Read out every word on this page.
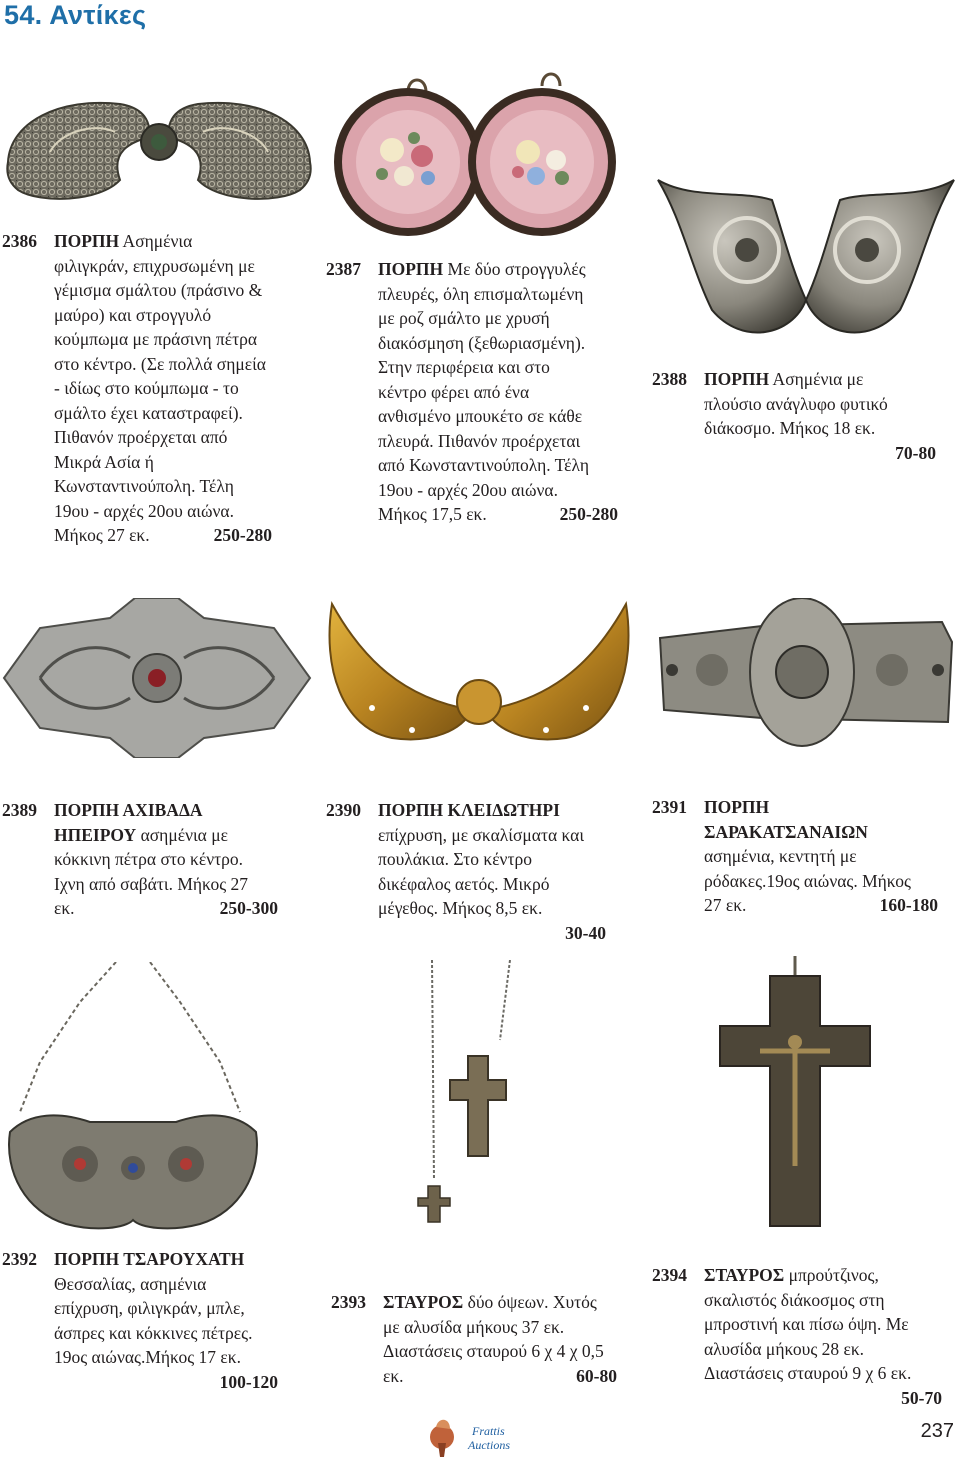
54. Αντίκες
2386 ΠΟΡΠΗ Ασημένια
φιλιγκράν, επιχρυσωμένη με
γέμισμα σμάλτου (πράσινο &
μαύρο) και στρογγυλό
κούμπωμα με πράσινη πέτρα
στο κέντρο. (Σε πολλά σημεία
- ιδίως στο κούμπωμα - το
σμάλτο έχει καταστραφεί).
Πιθανόν προέρχεται από
Μικρά Ασία ή
Κωνσταντινούπολη. Τέλη
19ου - αρχές 20ου αιώνα.
Μήκος 27 εκ.	250-280
2387 ΠΟΡΠΗ Με δύο στρογγυλές
πλευρές, όλη επισμαλτωμένη
με ροζ σμάλτο με χρυσή
διακόσμηση (ξεθωριασμένη).
Στην περιφέρεια και στο
κέντρο φέρει από ένα
ανθισμένο μπουκέτο σε κάθε
πλευρά. Πιθανόν προέρχεται
από Κωνσταντινούπολη. Τέλη
19ου - αρχές 20ου αιώνα.
Μήκος 17,5 εκ.	250-280
2388 ΠΟΡΠΗ Ασημένια με
πλούσιο ανάγλυφο φυτικό
διάκοσμο. Μήκος 18 εκ.
70-80
2389 ΠΟΡΠΗ ΑΧΙΒΑΔΑ
ΗΠΕΙΡΟΥ ασημένια με
κόκκινη πέτρα στο κέντρο.
Ιχνη από σαβάτι. Μήκος 27
εκ.	250-300
2390 ΠΟΡΠΗ ΚΛΕΙΔΩΤΗΡΙ
επίχρυση, με σκαλίσματα και
πουλάκια. Στο κέντρο
δικέφαλος αετός. Μικρό
μέγεθος. Μήκος 8,5 εκ.
30-40
2391 ΠΟΡΠΗ
ΣΑΡΑΚΑΤΣΑΝΑΙΩΝ
ασημένια, κεντητή με
ρόδακες.19ος αιώνας. Μήκος
27 εκ.	160-180
2392 ΠΟΡΠΗ ΤΣΑΡΟΥΧΑΤΗ
Θεσσαλίας, ασημένια
επίχρυση, φιλιγκράν, μπλε,
άσπρες και κόκκινες πέτρες.
19ος αιώνας.Μήκος 17 εκ.
100-120
2393 ΣΤΑΥΡΟΣ δύο όψεων. Χυτός
με αλυσίδα μήκους 37 εκ.
Διαστάσεις σταυρού 6 χ 4 χ 0,5
εκ.	60-80
2394 ΣΤΑΥΡΟΣ μπρούτζινος,
σκαλιστός διάκοσμος στη
μπροστινή και πίσω όψη. Με
αλυσίδα μήκους 28 εκ.
Διαστάσεις σταυρού 9 χ 6 εκ.
50-70
Frattis
Auctions
237
